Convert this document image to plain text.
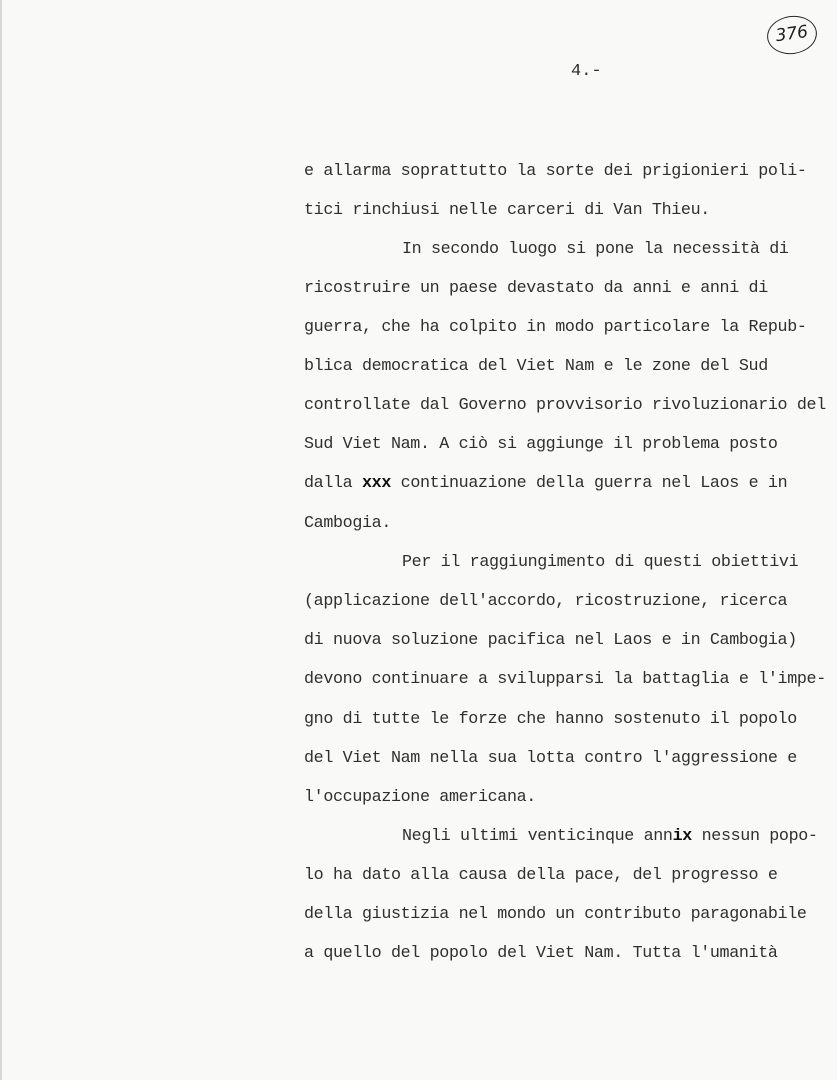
376
4.-
e allarma soprattutto la sorte dei prigionieri poli-
tici rinchiusi nelle carceri di Van Thieu.
In secondo luogo si pone la necessità di
ricostruire un paese devastato da anni e anni di
guerra, che ha colpito in modo particolare la Repub-
blica democratica del Viet Nam e le zone del Sud
controllate dal Governo provvisorio rivoluzionario del
Sud Viet Nam. A ciò si aggiunge il problema posto
dalla xxx continuazione della guerra nel Laos e in
Cambogia.
Per il raggiungimento di questi obiettivi
(applicazione dell'accordo, ricostruzione, ricerca
di nuova soluzione pacifica nel Laos e in Cambogia)
devono continuare a svilupparsi la battaglia e l'impe-
gno di tutte le forze che hanno sostenuto il popolo
del Viet Nam nella sua lotta contro l'aggressione e
l'occupazione americana.
Negli ultimi venticinque annix nessun popo-
lo ha dato alla causa della pace, del progresso e
della giustizia nel mondo un contributo paragonabile
a quello del popolo del Viet Nam. Tutta l'umanità
